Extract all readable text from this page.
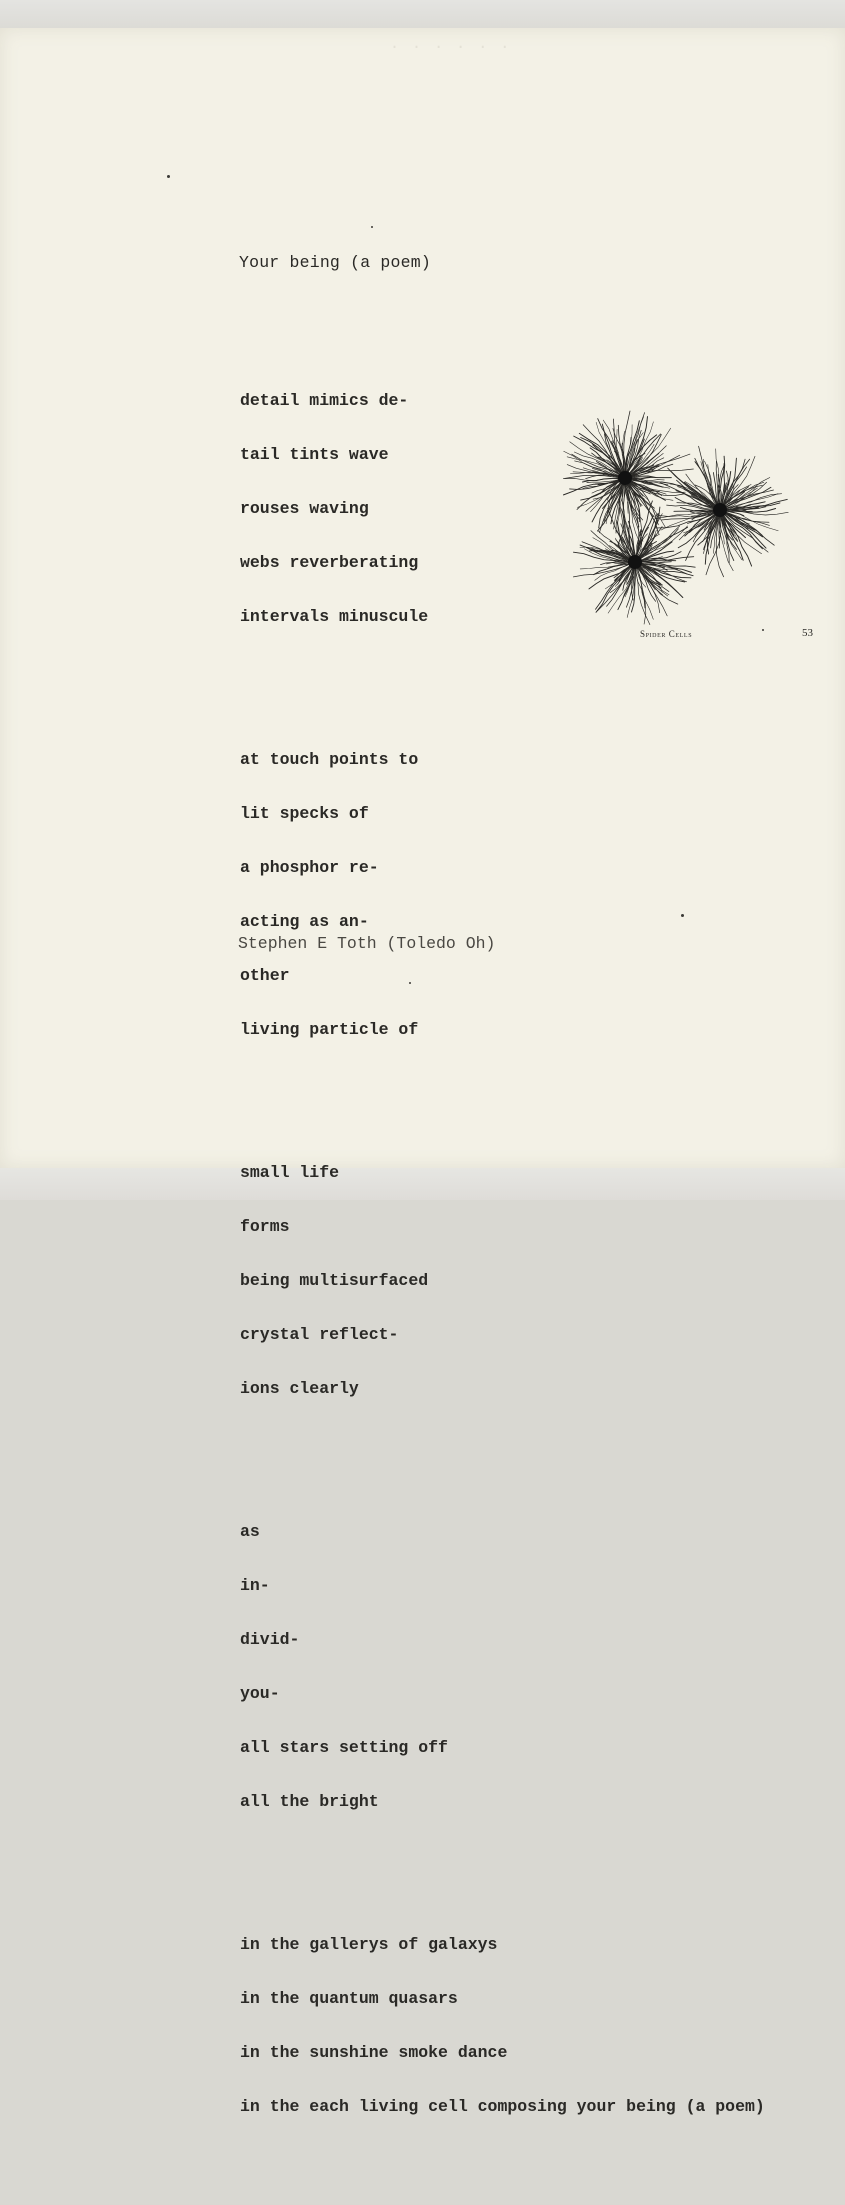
· · · · · ·
Your being (a poem)

detail mimics de-

tail tints wave

rouses waving

webs reverberating

intervals minuscule

at touch points to

lit specks of

a phosphor re-

acting as an-

other

living particle of

small life

forms

being multisurfaced

crystal reflect-

ions clearly

as

in-

divid-

you-

all stars setting off

all the bright

in the gallerys of galaxys

in the quantum quasars

in the sunshine smoke dance

in the each living cell composing your being (a poem)

Spider Cells	53
Stephen E Toth (Toledo Oh)
